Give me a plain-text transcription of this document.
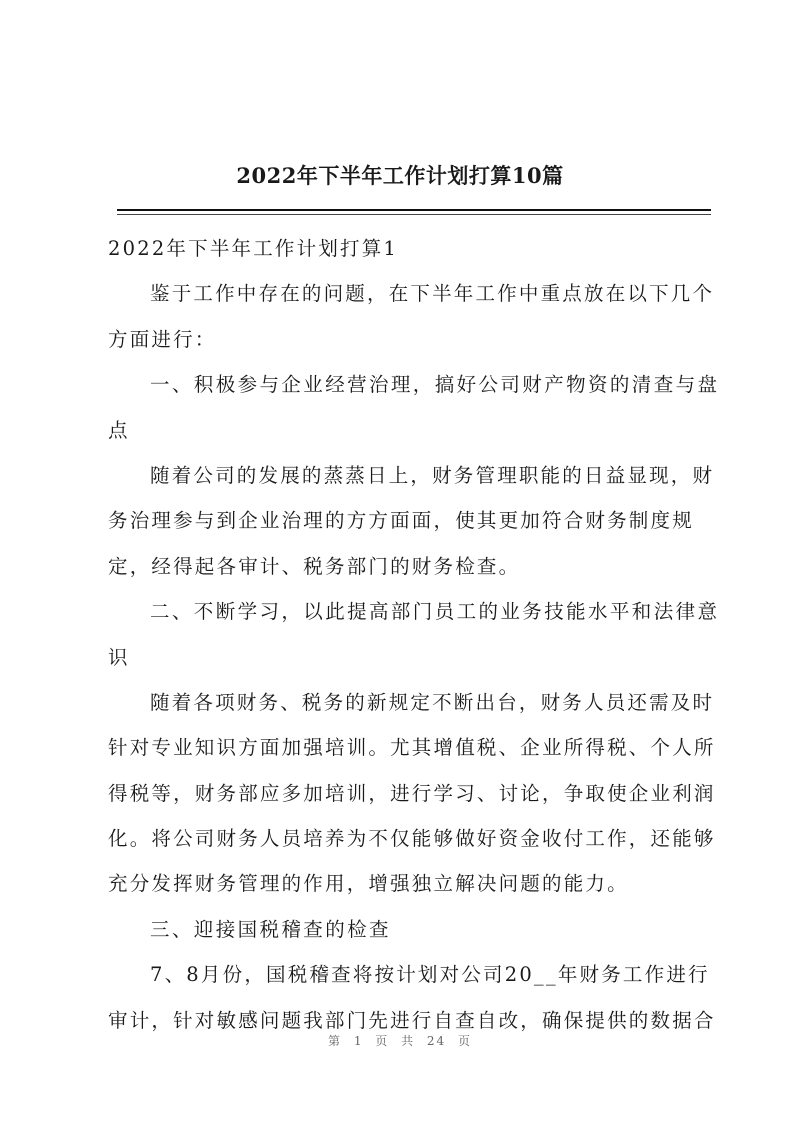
2022年下半年工作计划打算10篇
2022年下半年工作计划打算1
鉴于工作中存在的问题，在下半年工作中重点放在以下几个
方面进行：
一、积极参与企业经营治理，搞好公司财产物资的清查与盘
点
随着公司的发展的蒸蒸日上，财务管理职能的日益显现，财
务治理参与到企业治理的方方面面，使其更加符合财务制度规
定，经得起各审计、税务部门的财务检查。
二、不断学习，以此提高部门员工的业务技能水平和法律意
识
随着各项财务、税务的新规定不断出台，财务人员还需及时
针对专业知识方面加强培训。尤其增值税、企业所得税、个人所
得税等，财务部应多加培训，进行学习、讨论，争取使企业利润
化。将公司财务人员培养为不仅能够做好资金收付工作，还能够
充分发挥财务管理的作用，增强独立解决问题的能力。
三、迎接国税稽查的检查
7、8月份，国税稽查将按计划对公司20__年财务工作进行
审计，针对敏感问题我部门先进行自查自改，确保提供的数据合
第 1 页 共 24 页
